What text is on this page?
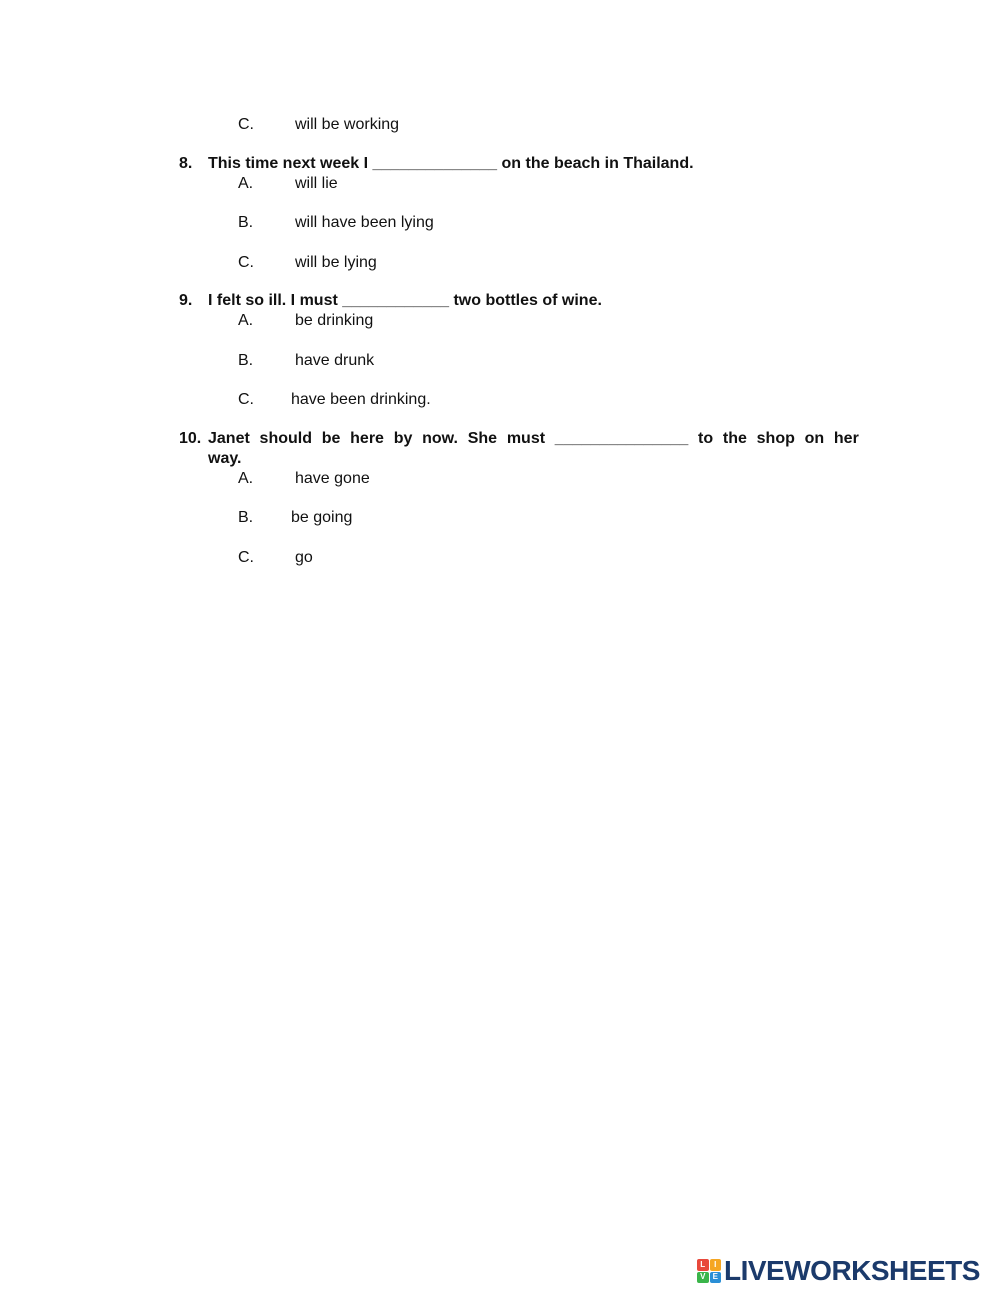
C.	will be working
8. This time next week I ______________ on the beach in Thailand.
A.	will lie
B.	will have been lying
C.	will be lying
9. I felt so ill. I must ____________ two bottles of wine.
A.	be drinking
B.	have drunk
C. have been drinking.
10. Janet should be here by now. She must _______________ to the shop on her
way.
A.	have gone
B. be going
C.	go
L	I
V E LIVEWORKSHEETS
